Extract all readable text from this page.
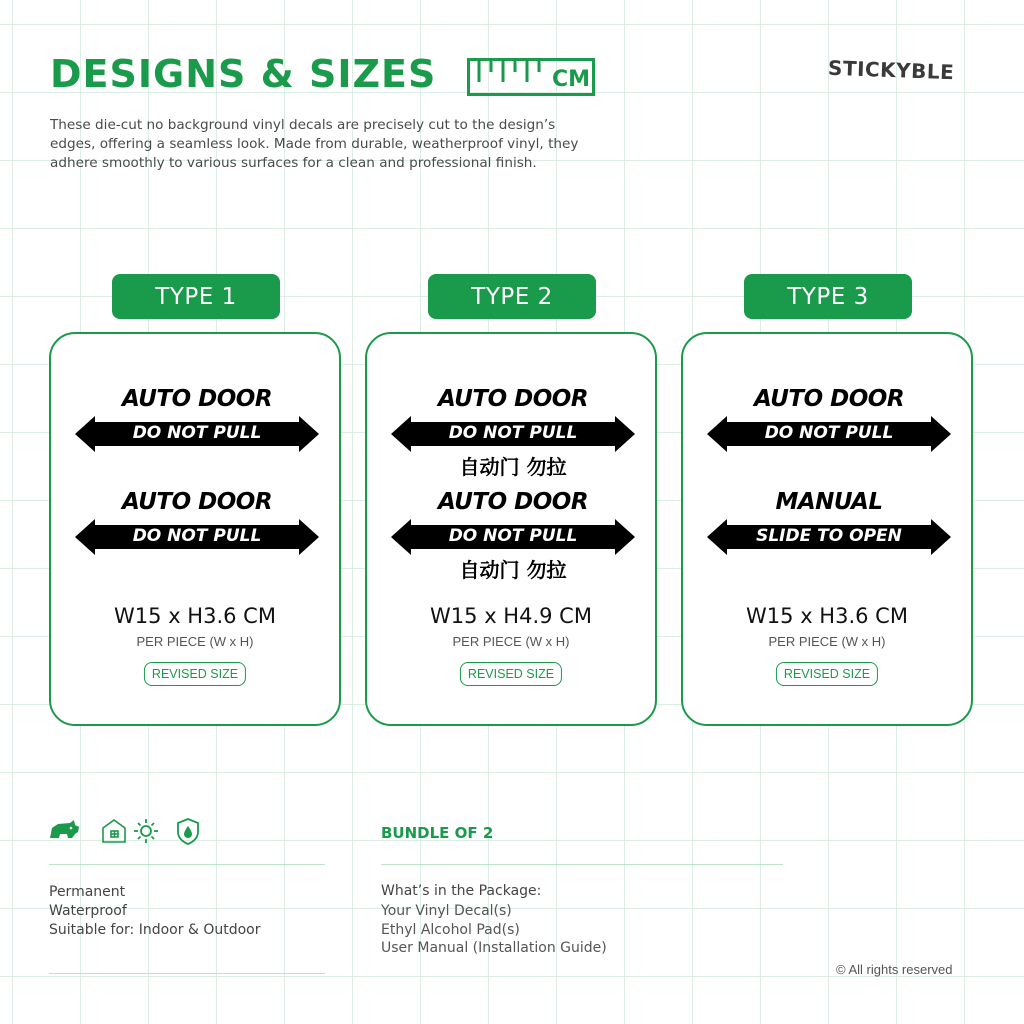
DESIGNS & SIZES	CM	STICKYBLE

These die-cut no background vinyl decals are precisely cut to the design’s edges, offering a seamless look. Made from durable, weatherproof vinyl, they adhere smoothly to various surfaces for a clean and professional finish.

TYPE 1	TYPE 2	TYPE 3
AUTO DOOR
DO NOT PULL
AUTO DOOR
DO NOT PULL
W15 x H3.6 CM
PER PIECE (W x H)
REVISED SIZE
AUTO DOOR
DO NOT PULL
自动门 勿拉
AUTO DOOR
DO NOT PULL
自动门 勿拉
W15 x H4.9 CM
PER PIECE (W x H)
REVISED SIZE
AUTO DOOR
DO NOT PULL
MANUAL
SLIDE TO OPEN
W15 x H3.6 CM
PER PIECE (W x H)
REVISED SIZE
Permanent
Waterproof
Suitable for: Indoor & Outdoor
BUNDLE OF 2
What’s in the Package:
Your Vinyl Decal(s)
Ethyl Alcohol Pad(s)
User Manual (Installation Guide)
© All rights reserved
